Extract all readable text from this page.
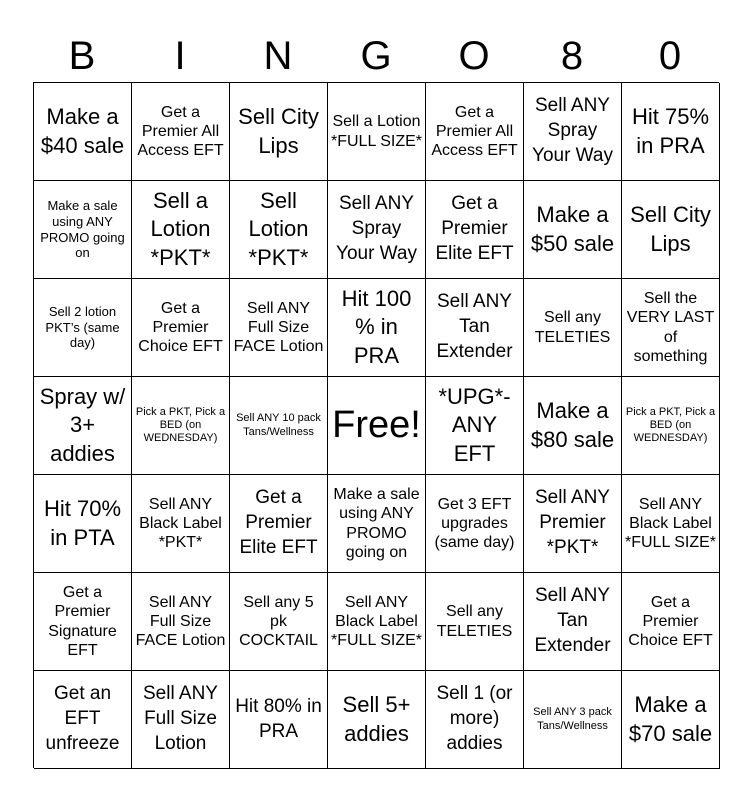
B	I	N	G	O	8	0
Make a $40 sale
Get a Premier All Access EFT
Sell City Lips
Sell a Lotion *FULL SIZE*
Get a Premier All Access EFT
Sell ANY Spray Your Way
Hit 75% in PRA
Make a sale using ANY PROMO going on
Sell a Lotion *PKT*
Sell Lotion *PKT*
Sell ANY Spray Your Way
Get a Premier Elite EFT
Make a $50 sale
Sell City Lips
Sell 2 lotion PKT’s (same day)
Get a Premier Choice EFT
Sell ANY Full Size FACE Lotion
Hit 100 % in PRA
Sell ANY Tan Extender
Sell any TELETIES
Sell the VERY LAST of something
Spray w/ 3+ addies
Pick a PKT, Pick a BED (on WEDNESDAY)
Sell ANY 10 pack Tans/Wellness Free!
*UPG*- ANY EFT
Make a $80 sale
Pick a PKT, Pick a BED (on WEDNESDAY)
Hit 70% in PTA
Sell ANY Black Label *PKT*
Get a Premier Elite EFT
Make a sale using ANY PROMO going on
Get 3 EFT upgrades (same day)
Sell ANY Premier *PKT*
Sell ANY Black Label *FULL SIZE*
Get a Premier Signature EFT
Sell ANY Full Size FACE Lotion
Sell any 5 pk COCKTAIL
Sell ANY Black Label *FULL SIZE*
Sell any TELETIES
Sell ANY Tan Extender
Get a Premier Choice EFT
Get an EFT unfreeze
Sell ANY Full Size Lotion
Hit 80% in PRA
Sell 5+ addies
Sell 1 (or more) addies
Sell ANY 3 pack Tans/Wellness
Make a $70 sale
